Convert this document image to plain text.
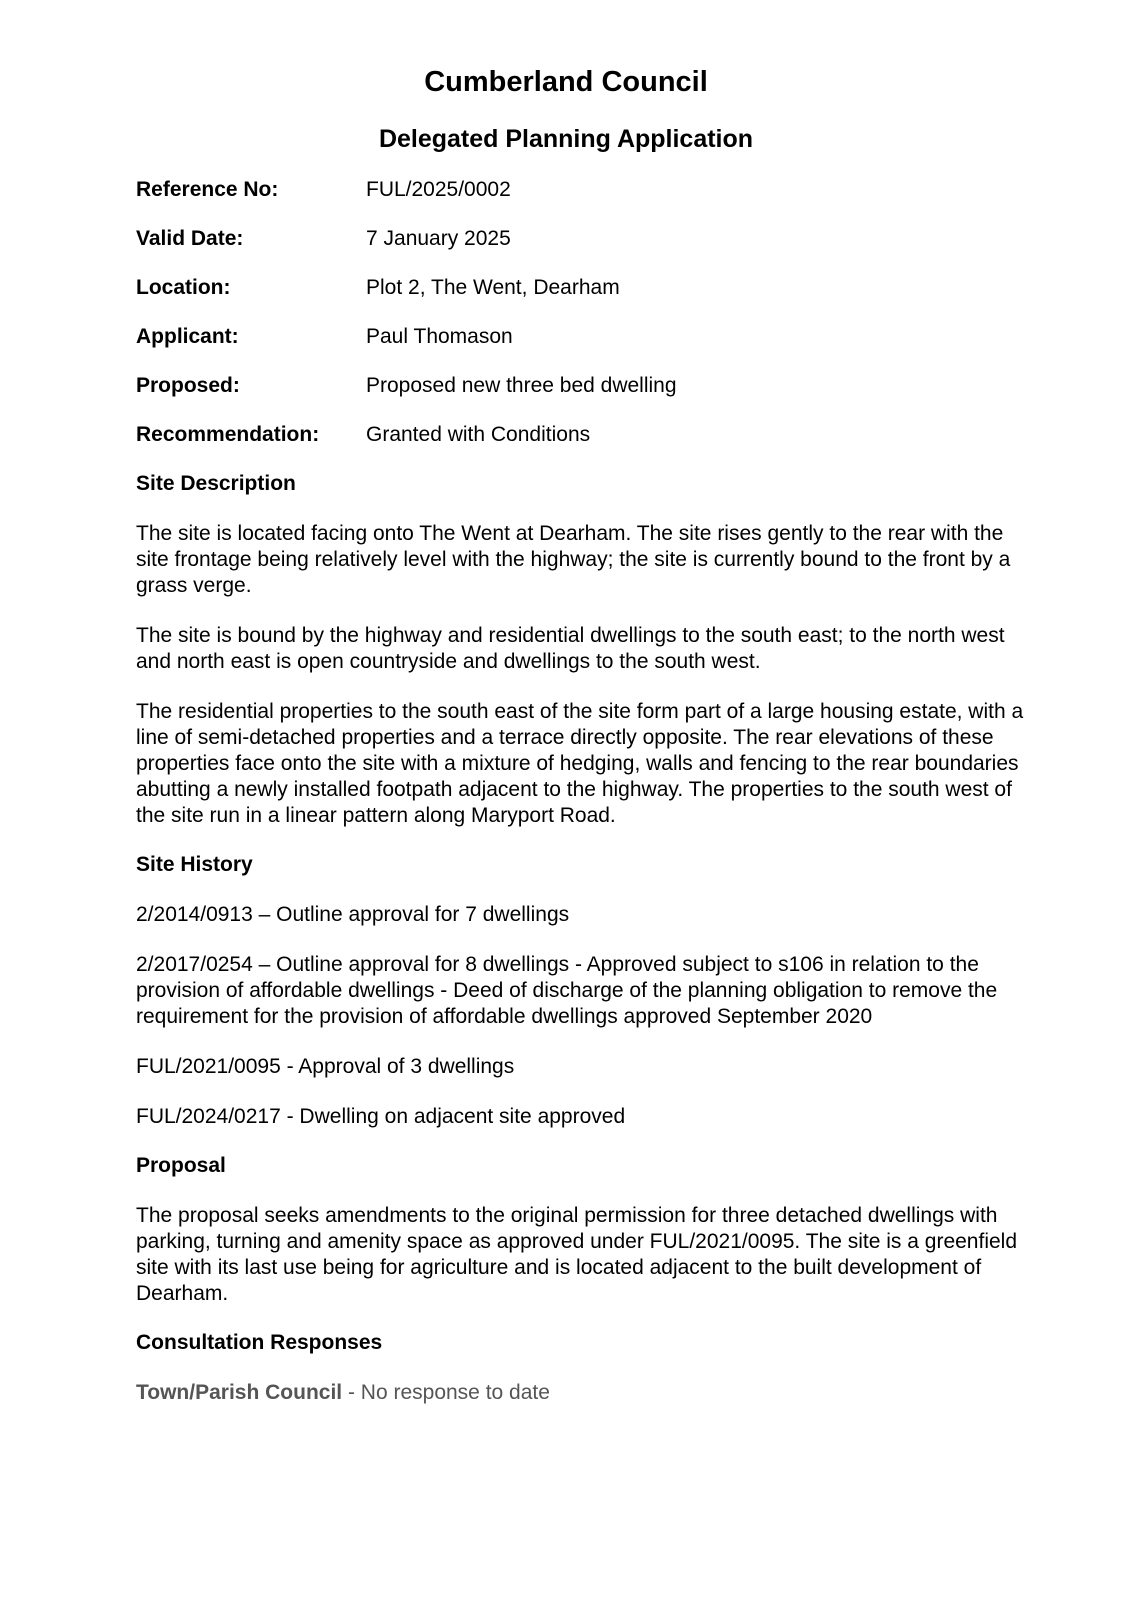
Cumberland Council
Delegated Planning Application
Reference No:	FUL/2025/0002
Valid Date:	7 January 2025
Location:	Plot 2, The Went, Dearham
Applicant:	Paul Thomason
Proposed:	Proposed new three bed dwelling
Recommendation:	Granted with Conditions
Site Description

The site is located facing onto The Went at Dearham. The site rises gently to the rear with the site frontage being relatively level with the highway; the site is currently bound to the front by a grass verge.

The site is bound by the highway and residential dwellings to the south east; to the north west and north east is open countryside and dwellings to the south west.

The residential properties to the south east of the site form part of a large housing estate, with a line of semi-detached properties and a terrace directly opposite. The rear elevations of these properties face onto the site with a mixture of hedging, walls and fencing to the rear boundaries abutting a newly installed footpath adjacent to the highway. The properties to the south west of the site run in a linear pattern along Maryport Road.

Site History

2/2014/0913 – Outline approval for 7 dwellings

2/2017/0254 – Outline approval for 8 dwellings - Approved subject to s106 in relation to the provision of affordable dwellings - Deed of discharge of the planning obligation to remove the requirement for the provision of affordable dwellings approved September 2020

FUL/2021/0095 - Approval of 3 dwellings

FUL/2024/0217 - Dwelling on adjacent site approved

Proposal

The proposal seeks amendments to the original permission for three detached dwellings with parking, turning and amenity space as approved under FUL/2021/0095. The site is a greenfield site with its last use being for agriculture and is located adjacent to the built development of Dearham.

Consultation Responses
Town/Parish Council - No response to date
